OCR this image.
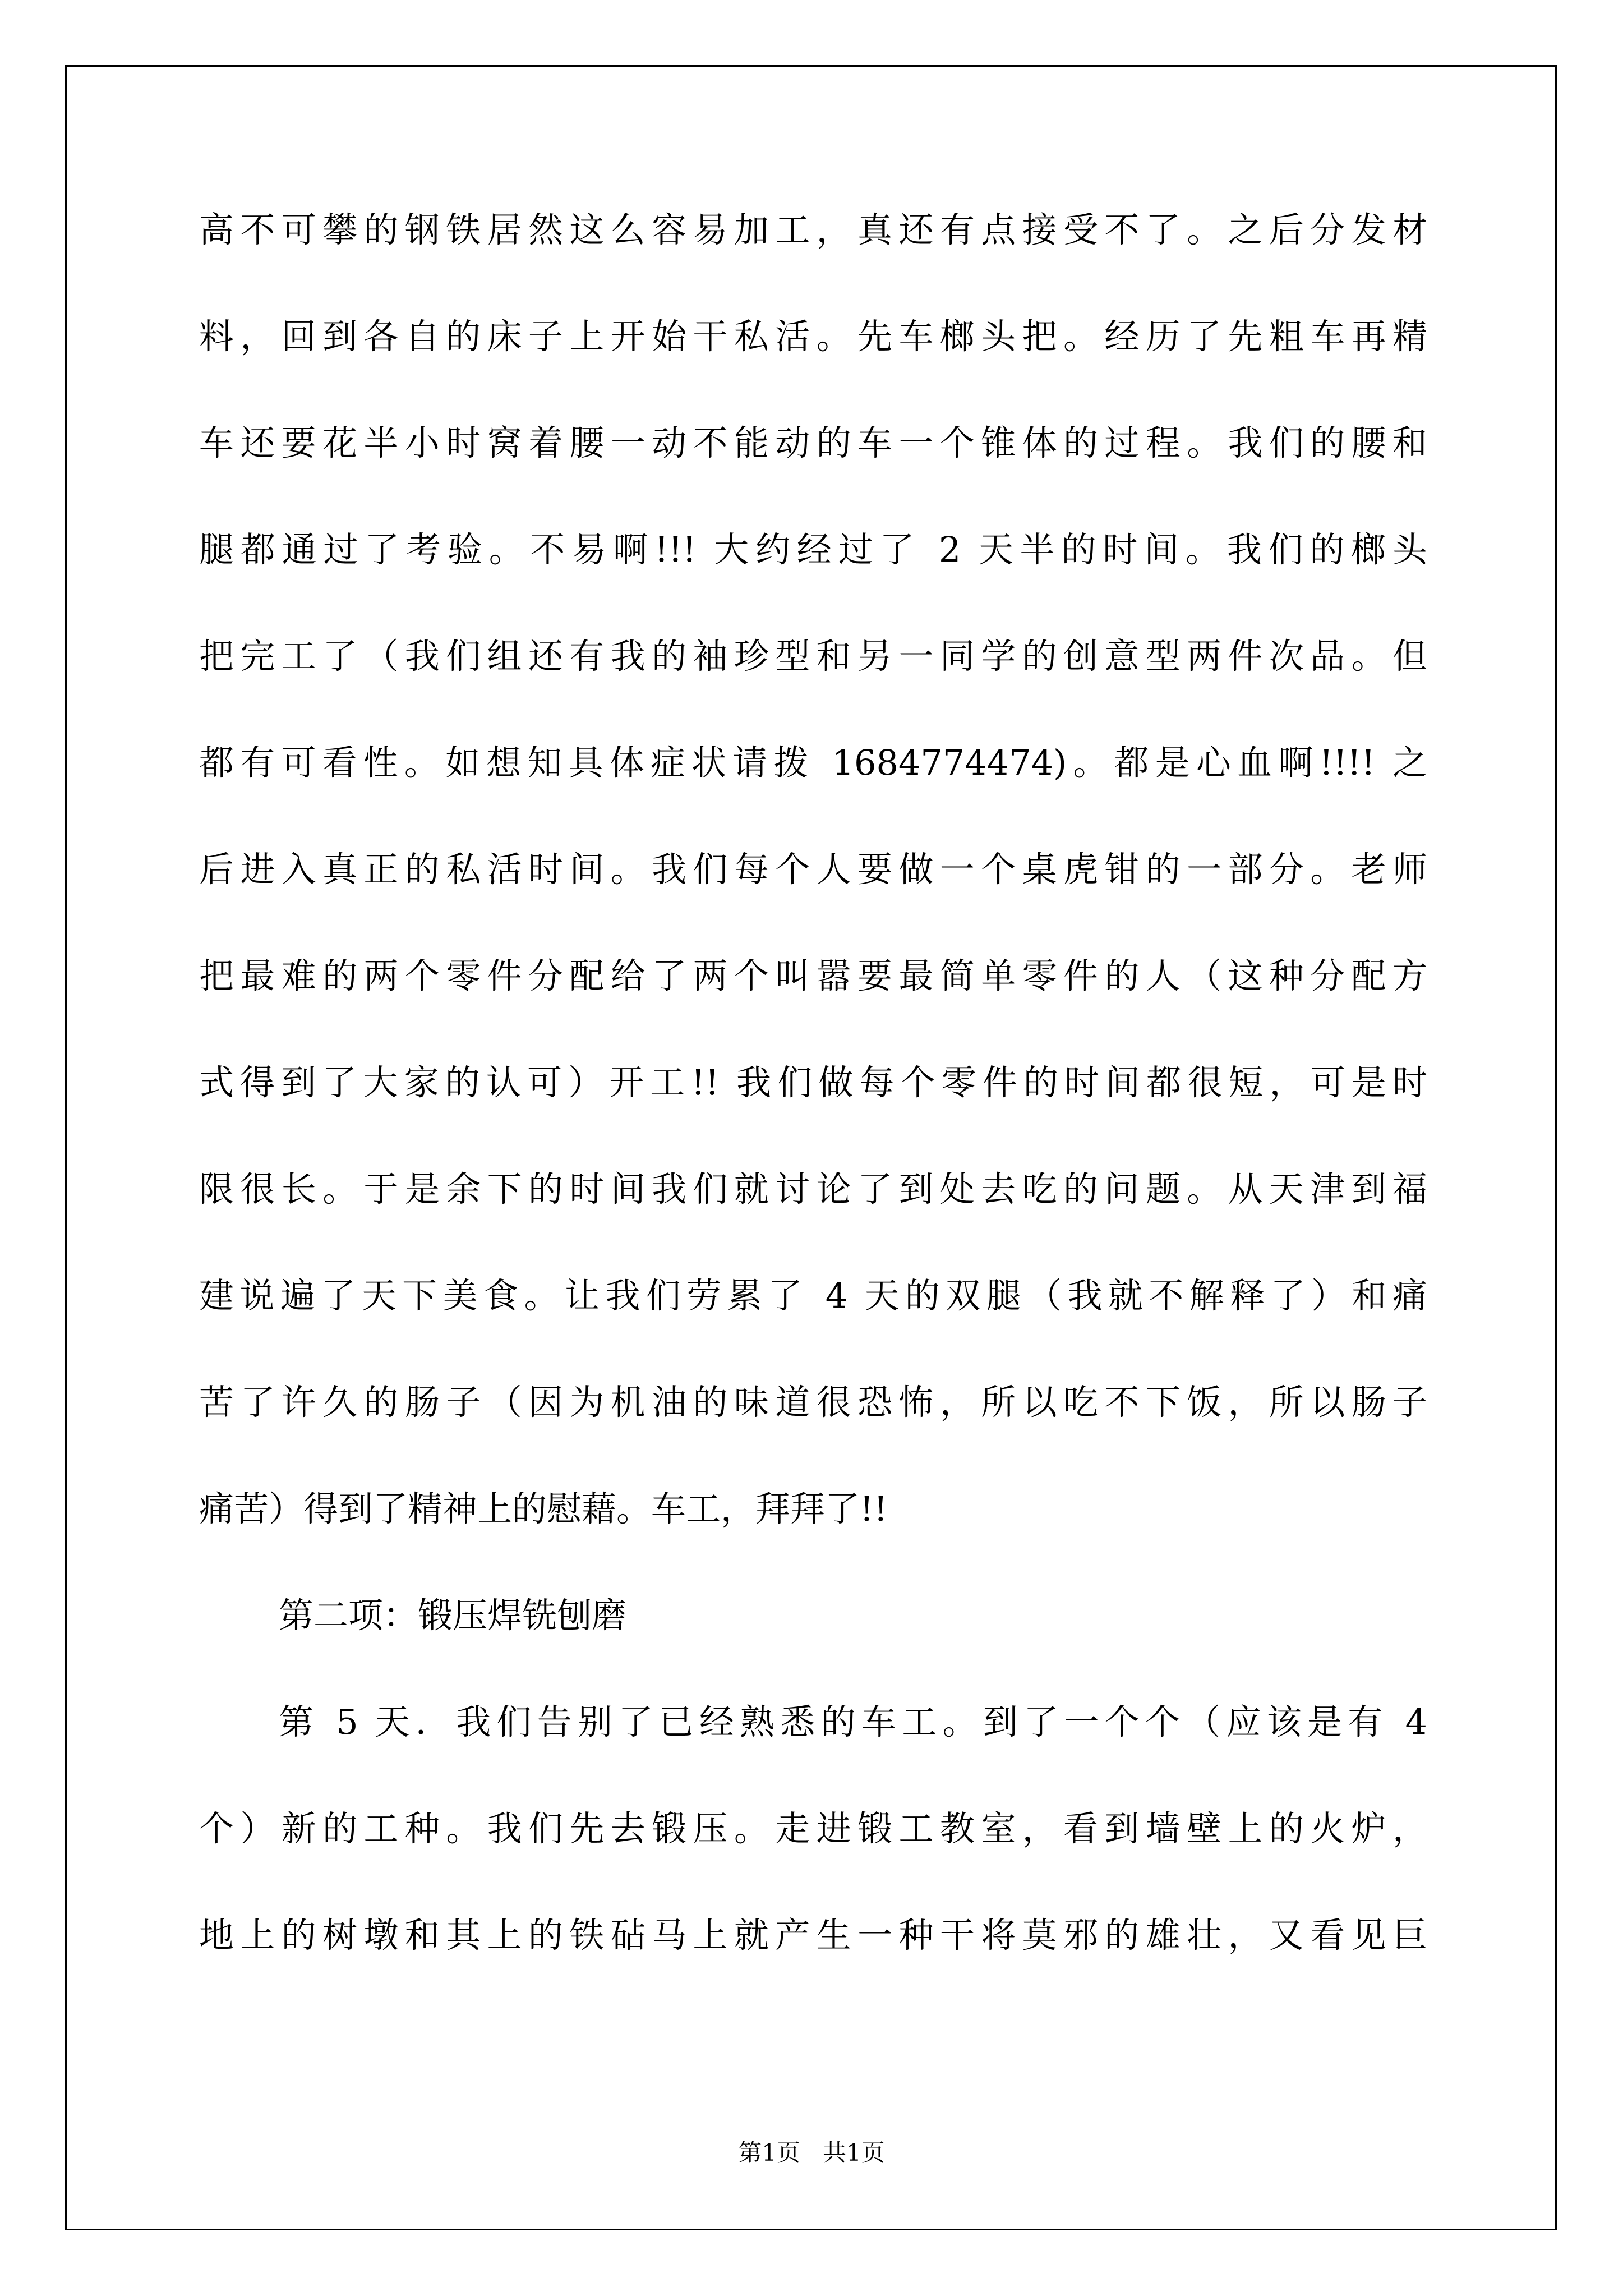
高不可攀的钢铁居然这么容易加工，真还有点接受不了。之后分发材
料，回到各自的床子上开始干私活。先车榔头把。经历了先粗车再精
车还要花半小时窝着腰一动不能动的车一个锥体的过程。我们的腰和
腿都通过了考验。不易啊!!! 大约经过了 2 天半的时间。我们的榔头
把完工了（我们组还有我的袖珍型和另一同学的创意型两件次品。但
都有可看性。如想知具体症状请拨 1684774474)。都是心血啊!!!! 之
后进入真正的私活时间。我们每个人要做一个桌虎钳的一部分。老师
把最难的两个零件分配给了两个叫嚣要最简单零件的人（这种分配方
式得到了大家的认可）开工!! 我们做每个零件的时间都很短，可是时
限很长。于是余下的时间我们就讨论了到处去吃的问题。从天津到福
建说遍了天下美食。让我们劳累了 4 天的双腿（我就不解释了）和痛
苦了许久的肠子（因为机油的味道很恐怖，所以吃不下饭，所以肠子
痛苦）得到了精神上的慰藉。车工，拜拜了!!
第二项：锻压焊铣刨磨
第 5 天．我们告别了已经熟悉的车工。到了一个个（应该是有 4
个）新的工种。我们先去锻压。走进锻工教室，看到墙壁上的火炉，
地上的树墩和其上的铁砧马上就产生一种干将莫邪的雄壮，又看见巨
第1页   共1页
